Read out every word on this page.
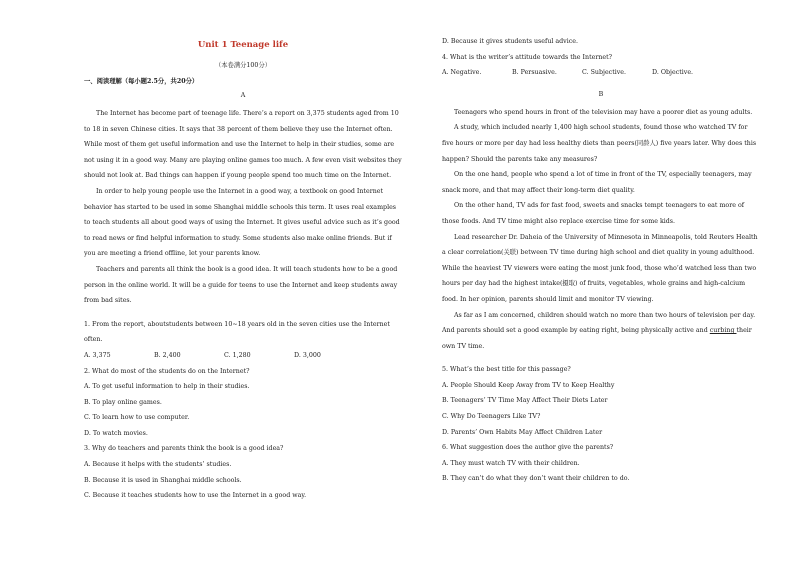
Unit 1 Teenage life
（本卷满分100分）
一、阅读理解（每小题2.5分，共20分）
A
The Internet has become part of teenage life. There’s a report on 3,375 students aged from 10 to 18 in seven Chinese cities. It says that 38 percent of them believe they use the Internet often. While most of them get useful information and use the Internet to help in their studies, some are not using it in a good way. Many are playing online games too much. A few even visit websites they should not look at. Bad things can happen if young people spend too much time on the Internet.
In order to help young people use the Internet in a good way, a textbook on good Internet behavior has started to be used in some Shanghai middle schools this term. It uses real examples to teach students all about good ways of using the Internet. It gives useful advice such as it’s good to read news or find helpful information to study. Some students also make online friends. But if you are meeting a friend offline, let your parents know.
Teachers and parents all think the book is a good idea. It will teach students how to be a good person in the online world. It will be a guide for teens to use the Internet and keep students away from bad sites.
1. From the report, aboutstudents between 10~18 years old in the seven cities use the Internet often.
A. 3,375	B. 2,400	C. 1,280	D. 3,000
2. What do most of the students do on the Internet?
A. To get useful information to help in their studies.
B. To play online games.
C. To learn how to use computer.
D. To watch movies.
3. Why do teachers and parents think the book is a good idea?
A. Because it helps with the students’ studies.
B. Because it is used in Shanghai middle schools.
C. Because it teaches students how to use the Internet in a good way.
D. Because it gives students useful advice.
4. What is the writer’s attitude towards the Internet?
A. Negative.	B. Persuasive.	C. Subjective.	D. Objective.
B
Teenagers who spend hours in front of the television may have a poorer diet as young adults.
A study, which included nearly 1,400 high school students, found those who watched TV for five hours or more per day had less healthy diets than peers(同龄人) five years later. Why does this happen? Should the parents take any measures?
On the one hand, people who spend a lot of time in front of the TV, especially teenagers, may snack more, and that may affect their long-term diet quality.
On the other hand, TV ads for fast food, sweets and snacks tempt teenagers to eat more of those foods. And TV time might also replace exercise time for some kids.
Lead researcher Dr. Daheia of the University of Minnesota in Minneapolis, told Reuters Health a clear correlation(关联) between TV time during high school and diet quality in young adulthood. While the heaviest TV viewers were eating the most junk food, those who’d watched less than two hours per day had the highest intake(摄取) of fruits, vegetables, whole grains and high-calcium food. In her opinion, parents should limit and monitor TV viewing.
As far as I am concerned, children should watch no more than two hours of television per day. And parents should set a good example by eating right, being physically active and curbing their own TV time.
5. What’s the best title for this passage?
A. People Should Keep Away from TV to Keep Healthy
B. Teenagers’ TV Time May Affect Their Diets Later
C. Why Do Teenagers Like TV?
D. Parents’ Own Habits May Affect Children Later
6. What suggestion does the author give the parents?
A. They must watch TV with their children.
B. They can’t do what they don’t want their children to do.
